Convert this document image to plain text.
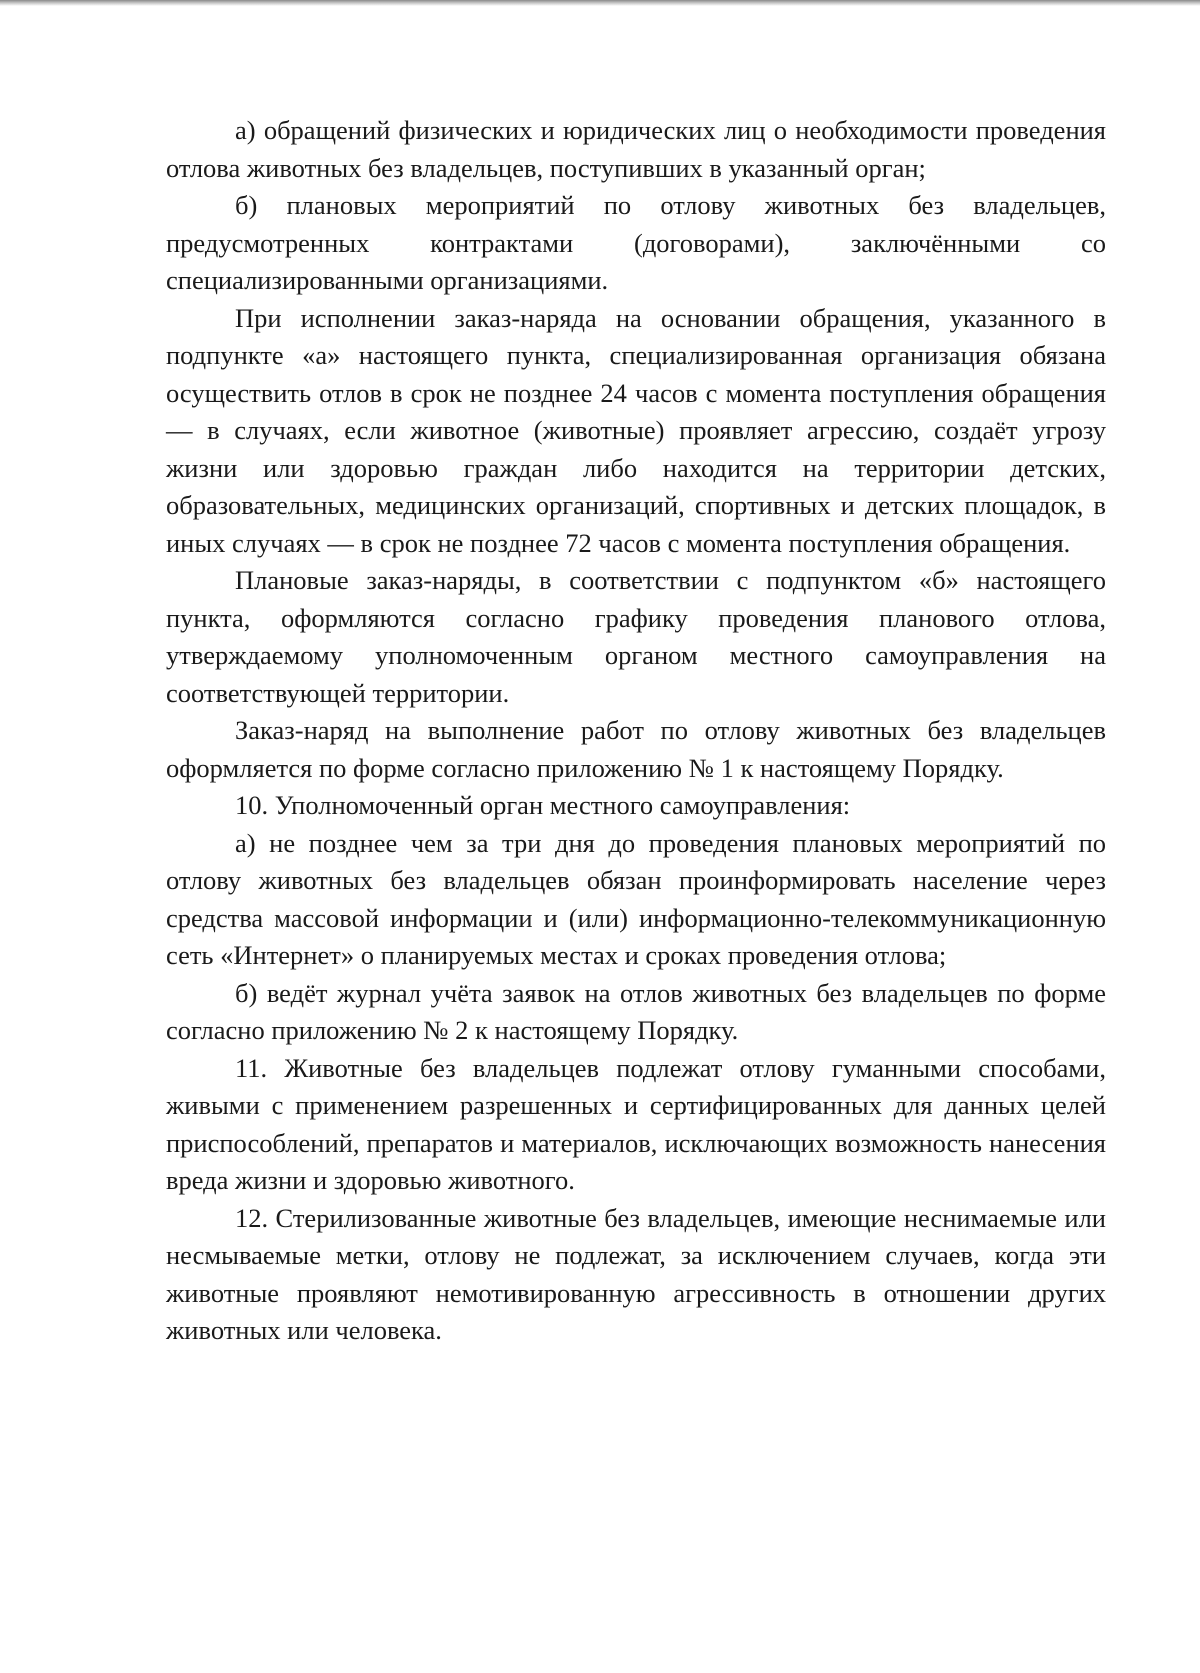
а) обращений физических и юридических лиц о необходимости проведения отлова животных без владельцев, поступивших в указанный орган;

б) плановых мероприятий по отлову животных без владельцев, предусмотренных контрактами (договорами), заключёнными со специализированными организациями.

При исполнении заказ-наряда на основании обращения, указанного в подпункте «а» настоящего пункта, специализированная организация обязана осуществить отлов в срок не позднее 24 часов с момента поступления обращения — в случаях, если животное (животные) проявляет агрессию, создаёт угрозу жизни или здоровью граждан либо находится на территории детских, образовательных, медицинских организаций, спортивных и детских площадок, в иных случаях — в срок не позднее 72 часов с момента поступления обращения.

Плановые заказ-наряды, в соответствии с подпунктом «б» настоящего пункта, оформляются согласно графику проведения планового отлова, утверждаемому уполномоченным органом местного самоуправления на соответствующей территории.

Заказ-наряд на выполнение работ по отлову животных без владельцев оформляется по форме согласно приложению № 1 к настоящему Порядку.

10. Уполномоченный орган местного самоуправления:

а) не позднее чем за три дня до проведения плановых мероприятий по отлову животных без владельцев обязан проинформировать население через средства массовой информации и (или) информационно-телекоммуникационную сеть «Интернет» о планируемых местах и сроках проведения отлова;

б) ведёт журнал учёта заявок на отлов животных без владельцев по форме согласно приложению № 2 к настоящему Порядку.

11. Животные без владельцев подлежат отлову гуманными способами, живыми с применением разрешенных и сертифицированных для данных целей приспособлений, препаратов и материалов, исключающих возможность нанесения вреда жизни и здоровью животного.

12. Стерилизованные животные без владельцев, имеющие неснимаемые или несмываемые метки, отлову не подлежат, за исключением случаев, когда эти животные проявляют немотивированную агрессивность в отношении других животных или человека.
